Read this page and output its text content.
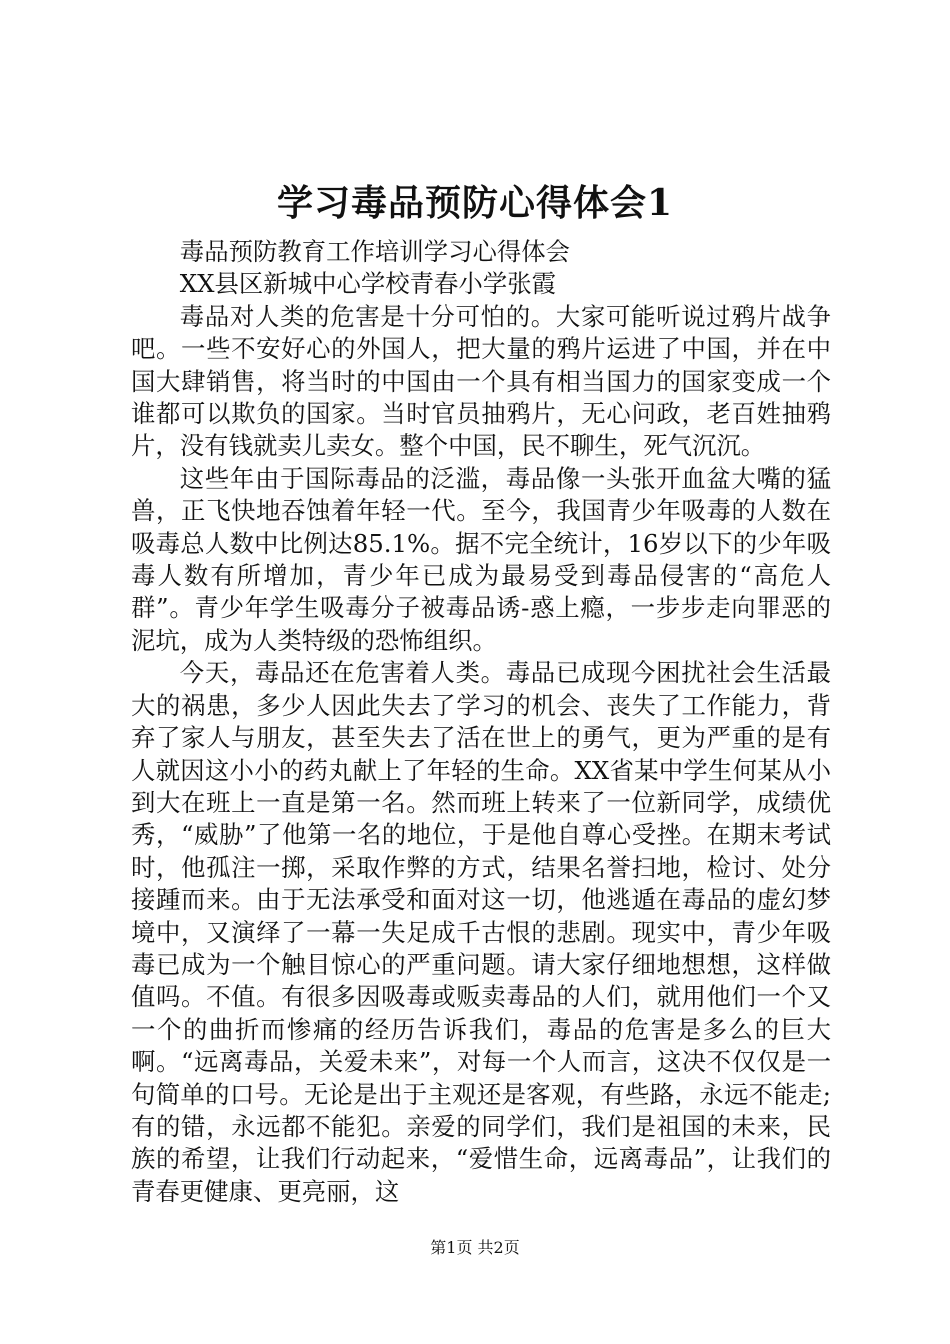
学习毒品预防心得体会1

毒品预防教育工作培训学习心得体会

XX县区新城中心学校青春小学张霞

毒品对人类的危害是十分可怕的。大家可能听说过鸦片战争吧。一些不安好心的外国人，把大量的鸦片运进了中国，并在中国大肆销售，将当时的中国由一个具有相当国力的国家变成一个谁都可以欺负的国家。当时官员抽鸦片，无心问政，老百姓抽鸦片，没有钱就卖儿卖女。整个中国，民不聊生，死气沉沉。

这些年由于国际毒品的泛滥，毒品像一头张开血盆大嘴的猛兽，正飞快地吞蚀着年轻一代。至今，我国青少年吸毒的人数在吸毒总人数中比例达85.1%。据不完全统计，16岁以下的少年吸毒人数有所增加，青少年已成为最易受到毒品侵害的“高危人群”。青少年学生吸毒分子被毒品诱-惑上瘾，一步步走向罪恶的泥坑，成为人类特级的恐怖组织。

今天，毒品还在危害着人类。毒品已成现今困扰社会生活最大的祸患，多少人因此失去了学习的机会、丧失了工作能力，背弃了家人与朋友，甚至失去了活在世上的勇气，更为严重的是有人就因这小小的药丸献上了年轻的生命。XX省某中学生何某从小到大在班上一直是第一名。然而班上转来了一位新同学，成绩优秀，“威胁”了他第一名的地位，于是他自尊心受挫。在期末考试时，他孤注一掷，采取作弊的方式，结果名誉扫地，检讨、处分接踵而来。由于无法承受和面对这一切，他逃遁在毒品的虚幻梦境中，又演绎了一幕一失足成千古恨的悲剧。现实中，青少年吸毒已成为一个触目惊心的严重问题。请大家仔细地想想，这样做值吗。不值。有很多因吸毒或贩卖毒品的人们，就用他们一个又一个的曲折而惨痛的经历告诉我们，毒品的危害是多么的巨大啊。“远离毒品，关爱未来”，对每一个人而言，这决不仅仅是一句简单的口号。无论是出于主观还是客观，有些路，永远不能走;有的错，永远都不能犯。亲爱的同学们，我们是祖国的未来，民族的希望，让我们行动起来，“爱惜生命，远离毒品”，让我们的青春更健康、更亮丽，这

第1页 共2页
